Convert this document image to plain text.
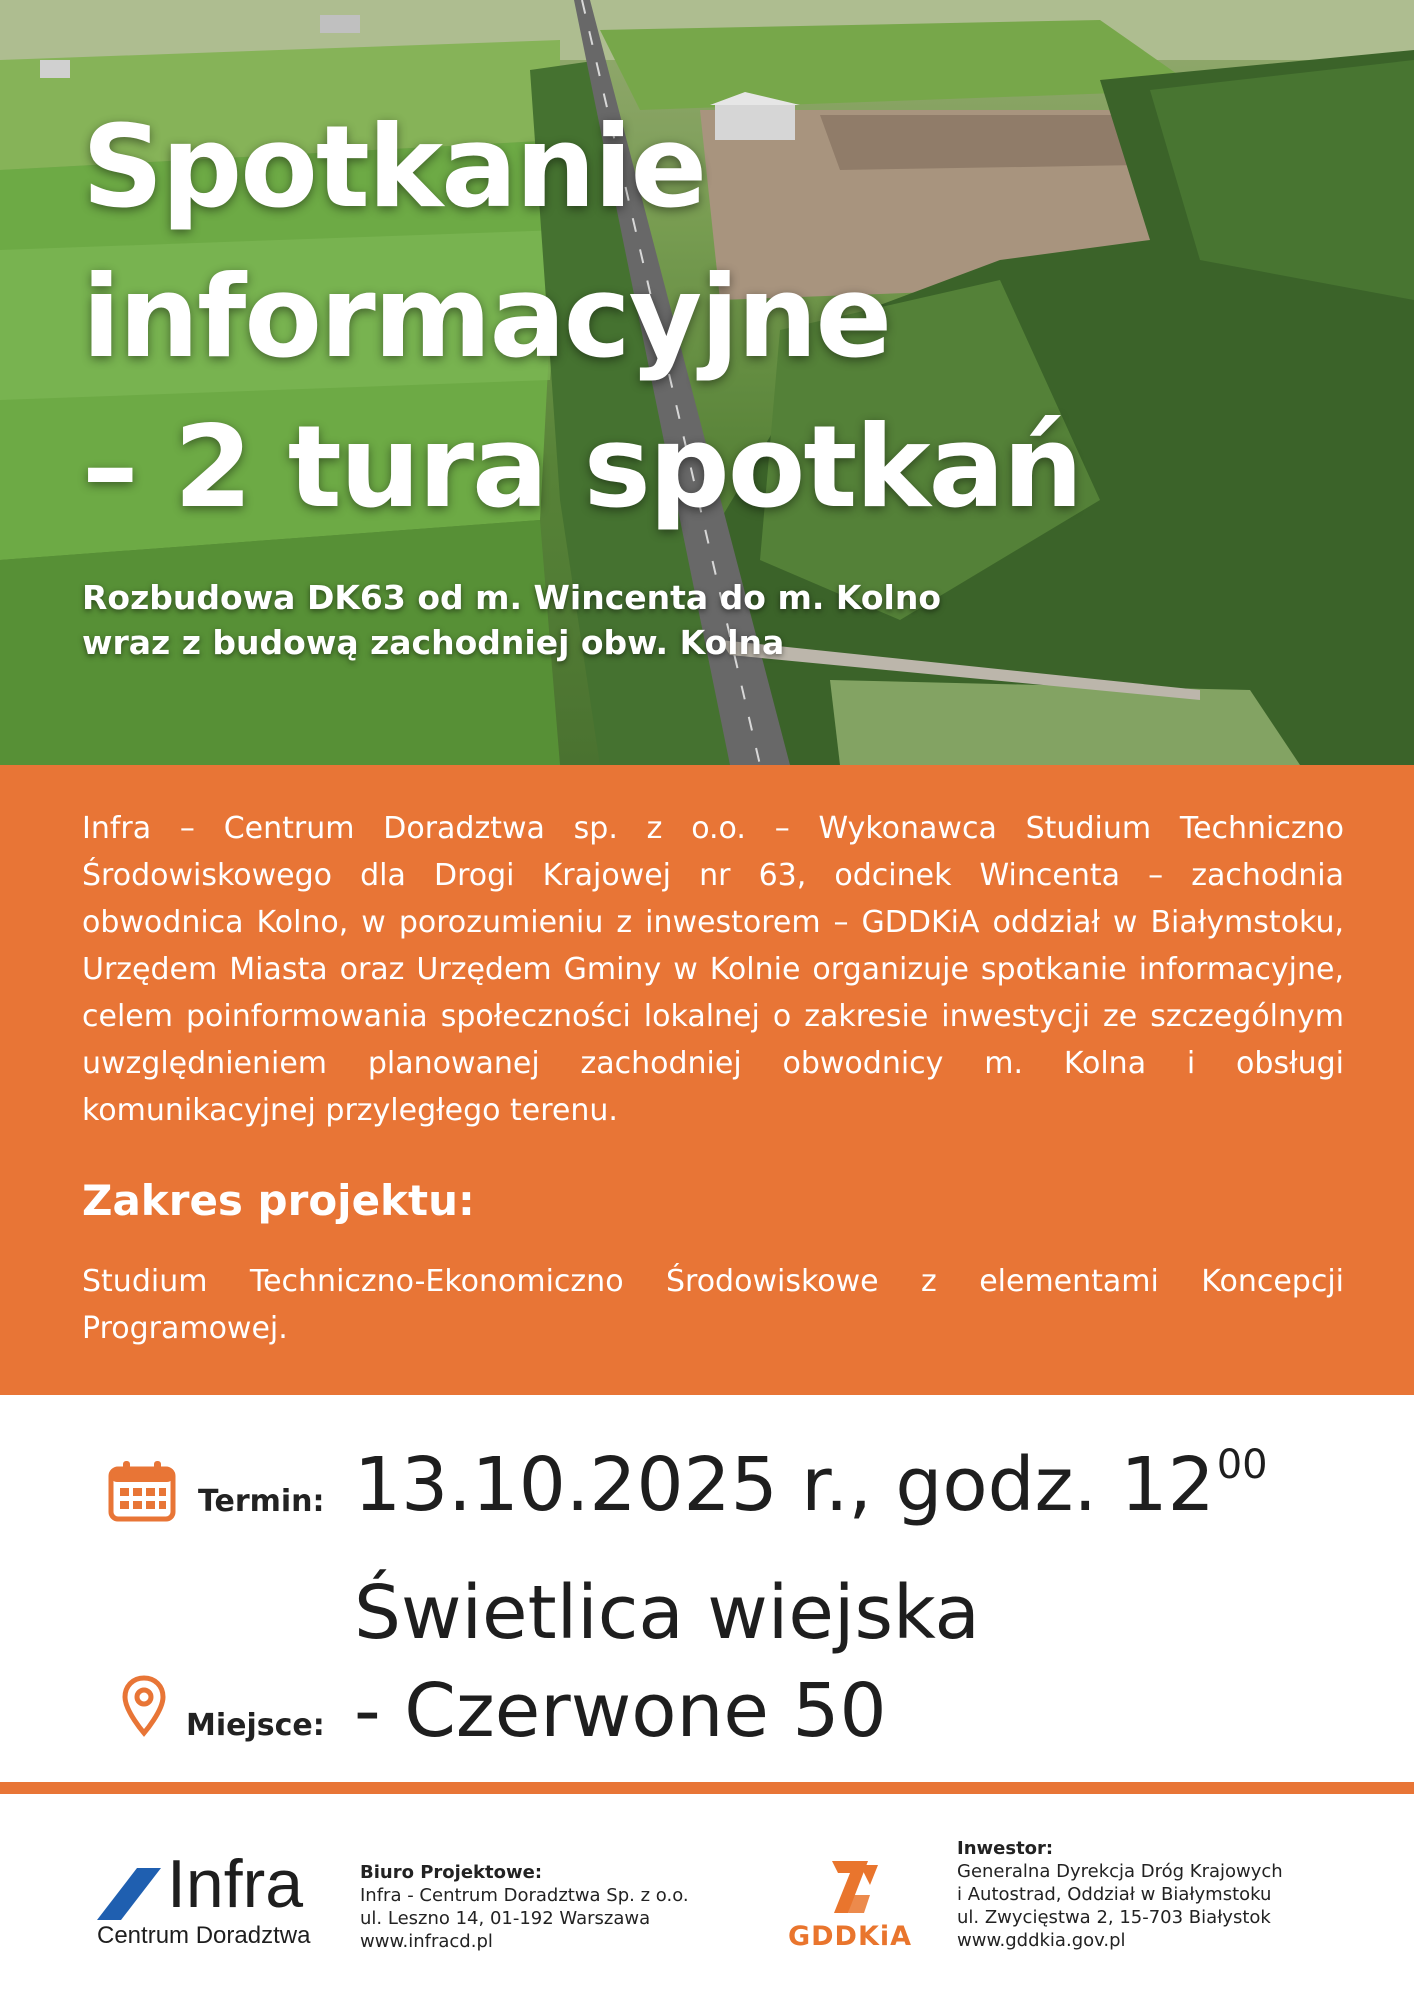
Spotkanie
informacyjne
– 2 tura spotkań

Rozbudowa DK63 od m. Wincenta do m. Kolno
wraz z budową zachodniej obw. Kolna

Infra – Centrum Doradztwa sp. z o.o. – Wykonawca Studium Techniczno Środowiskowego dla Drogi Krajowej nr 63, odcinek Wincenta – zachodnia obwodnica Kolno, w porozumieniu z inwestorem – GDDKiA oddział w Białymstoku, Urzędem Miasta oraz Urzędem Gminy w Kolnie organizuje spotkanie informacyjne, celem poinformowania społeczności lokalnej o zakresie inwestycji ze szczególnym uwzględnieniem planowanej zachodniej obwodnicy m. Kolna i obsługi komunikacyjnej przyległego terenu.

Zakres projektu:

Studium Techniczno-Ekonomiczno Środowiskowe z elementami Koncepcji Programowej.

Termin: 13.10.2025 r., godz. $12^{00}$

Świetlica wiejska

Miejsce: - Czerwone 50

Infra

Centrum Doradztwa

Biuro Projektowe:
Infra - Centrum Doradztwa Sp. z o.o.
ul. Leszno 14, 01-192 Warszawa
www.infracd.pl	GDDKiA

Inwestor:
Generalna Dyrekcja Dróg Krajowych
i Autostrad, Oddział w Białymstoku
ul. Zwycięstwa 2, 15-703 Białystok
www.gddkia.gov.pl
